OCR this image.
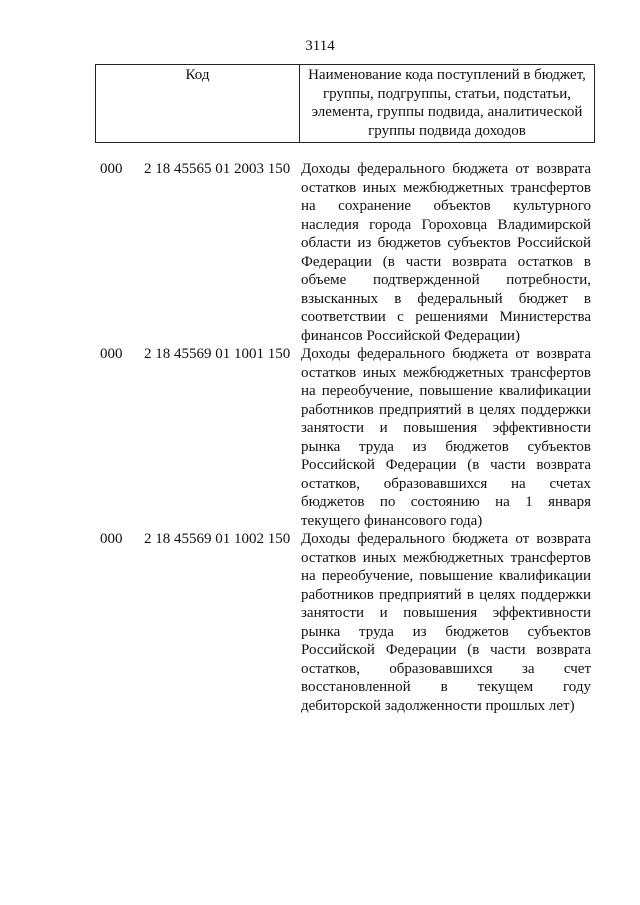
3114
Код	Наименование кода поступлений в бюджет, группы, подгруппы, статьи, подстатьи, элемента, группы подвида, аналитической группы подвида доходов
000	2 18 45565 01 2003 150 Доходы федерального бюджета от возврата остатков иных межбюджетных трансфертов на сохранение объектов культурного наследия города Гороховца Владимирской области из бюджетов субъектов Российской Федерации (в части возврата остатков в объеме подтвержденной потребности, взысканных в федеральный бюджет в соответствии с решениями Министерства финансов Российской Федерации)
000	2 18 45569 01 1001 150 Доходы федерального бюджета от возврата остатков иных межбюджетных трансфертов на переобучение, повышение квалификации работников предприятий в целях поддержки занятости и повышения эффективности рынка труда из бюджетов субъектов Российской Федерации (в части возврата остатков, образовавшихся на счетах бюджетов по состоянию на 1 января текущего финансового года)
000	2 18 45569 01 1002 150 Доходы федерального бюджета от возврата остатков иных межбюджетных трансфертов на переобучение, повышение квалификации работников предприятий в целях поддержки занятости и повышения эффективности рынка труда из бюджетов субъектов Российской Федерации (в части возврата остатков, образовавшихся за счет восстановленной в текущем году дебиторской задолженности прошлых лет)
